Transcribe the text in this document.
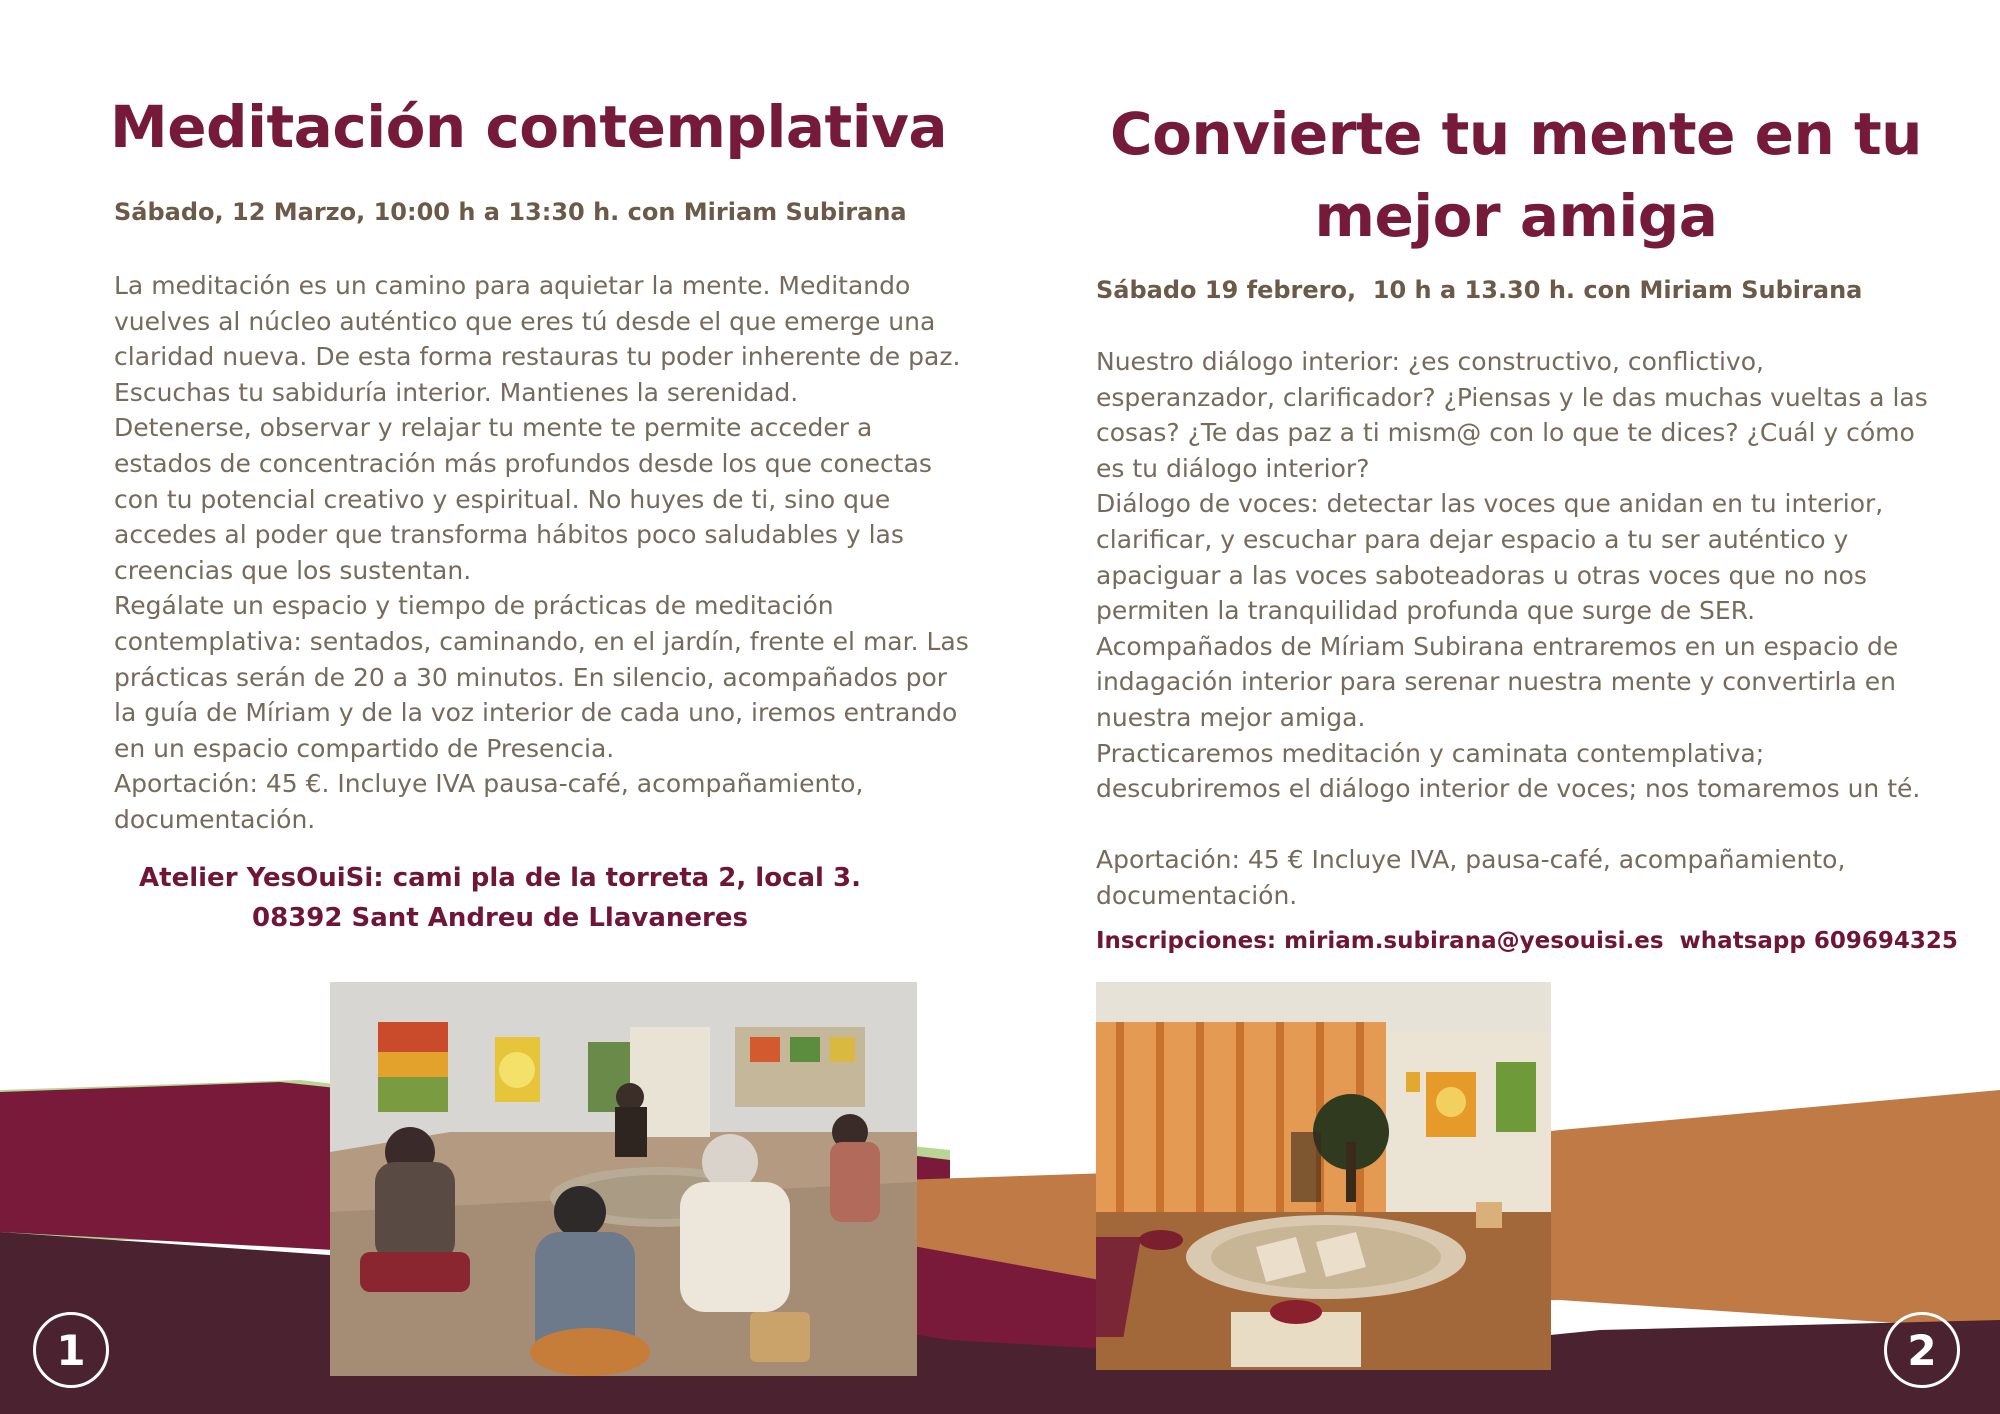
Meditación contemplativa
Sábado, 12 Marzo, 10:00 h a 13:30 h. con Miriam Subirana

La meditación es un camino para aquietar la mente. Meditando vuelves al núcleo auténtico que eres tú desde el que emerge una claridad nueva. De esta forma restauras tu poder inherente de paz. Escuchas tu sabiduría interior. Mantienes la serenidad.

Detenerse, observar y relajar tu mente te permite acceder a estados de concentración más profundos desde los que conectas con tu potencial creativo y espiritual. No huyes de ti, sino que accedes al poder que transforma hábitos poco saludables y las creencias que los sustentan.

Regálate un espacio y tiempo de prácticas de meditación contemplativa: sentados, caminando, en el jardín, frente el mar. Las prácticas serán de 20 a 30 minutos. En silencio, acompañados por la guía de Míriam y de la voz interior de cada uno, iremos entrando en un espacio compartido de Presencia.

Aportación: 45 €. Incluye IVA pausa-café, acompañamiento, documentación.

Atelier YesOuiSi: cami pla de la torreta 2, local 3.
08392 Sant Andreu de Llavaneres
Convierte tu mente en tu
mejor amiga
Sábado 19 febrero,  10 h a 13.30 h. con Miriam Subirana

Nuestro diálogo interior: ¿es constructivo, conflictivo, esperanzador, clarificador? ¿Piensas y le das muchas vueltas a las cosas? ¿Te das paz a ti mism@ con lo que te dices? ¿Cuál y cómo es tu diálogo interior?

Diálogo de voces: detectar las voces que anidan en tu interior, clarificar, y escuchar para dejar espacio a tu ser auténtico y apaciguar a las voces saboteadoras u otras voces que no nos permiten la tranquilidad profunda que surge de SER.

Acompañados de Míriam Subirana entraremos en un espacio de indagación interior para serenar nuestra mente y convertirla en nuestra mejor amiga.

Practicaremos meditación y caminata contemplativa; descubriremos el diálogo interior de voces; nos tomaremos un té.

Aportación: 45 € Incluye IVA, pausa-café, acompañamiento, documentación.
Inscripciones: miriam.subirana@yesouisi.es  whatsapp 609694325
1	2
